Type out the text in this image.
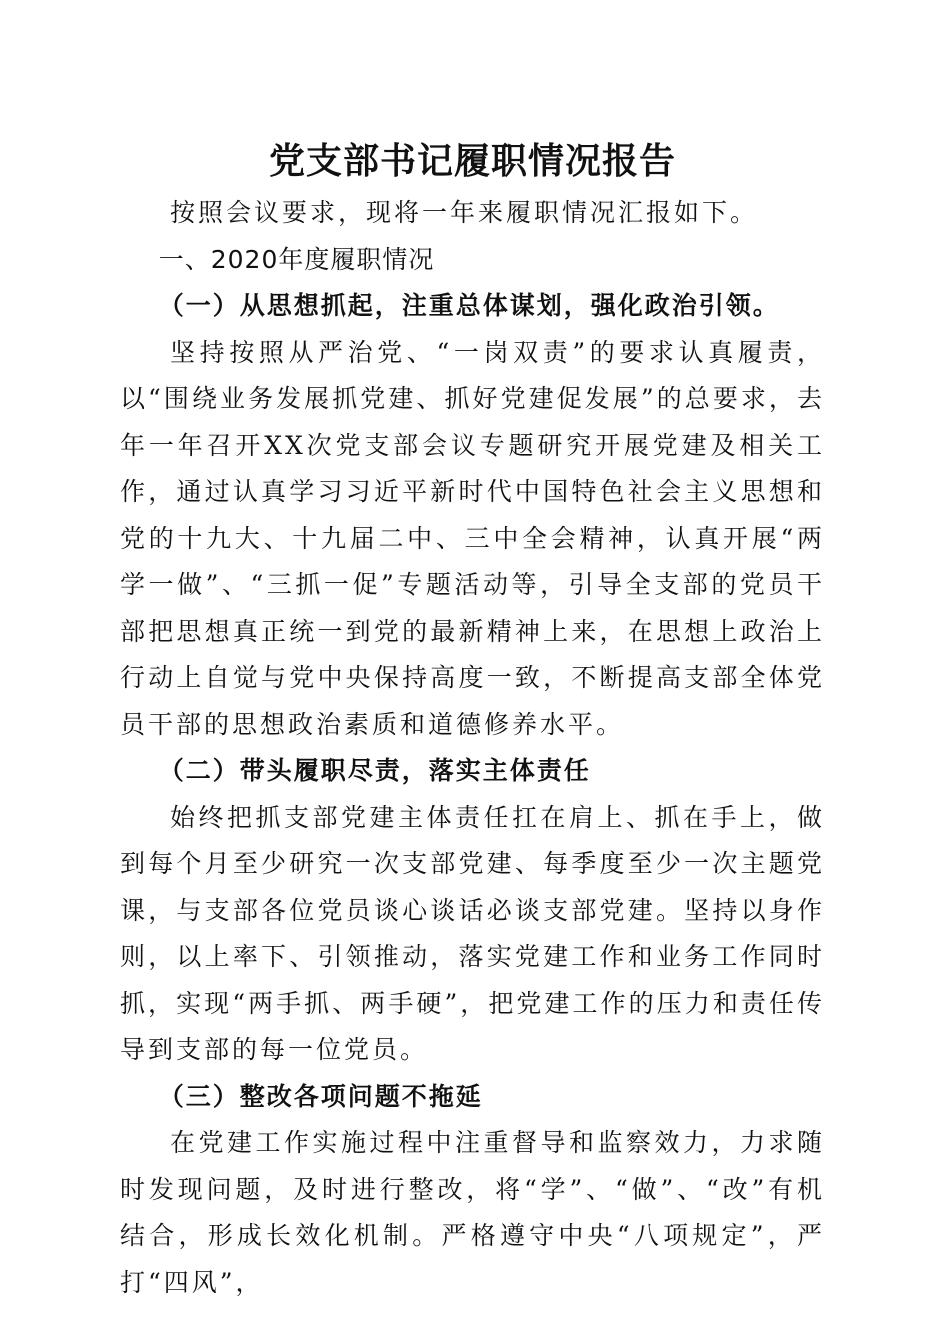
党支部书记履职情况报告

按照会议要求，现将一年来履职情况汇报如下。

一、2020年度履职情况

（一）从思想抓起，注重总体谋划，强化政治引领。

坚持按照从严治党、“一岗双责”的要求认真履责，以“围绕业务发展抓党建、抓好党建促发展”的总要求，去年一年召开XX次党支部会议专题研究开展党建及相关工作，通过认真学习习近平新时代中国特色社会主义思想和党的十九大、十九届二中、三中全会精神，认真开展“两学一做”、“三抓一促”专题活动等，引导全支部的党员干部把思想真正统一到党的最新精神上来，在思想上政治上行动上自觉与党中央保持高度一致，不断提高支部全体党员干部的思想政治素质和道德修养水平。

（二）带头履职尽责，落实主体责任

始终把抓支部党建主体责任扛在肩上、抓在手上，做到每个月至少研究一次支部党建、每季度至少一次主题党课，与支部各位党员谈心谈话必谈支部党建。坚持以身作则，以上率下、引领推动，落实党建工作和业务工作同时抓，实现“两手抓、两手硬”，把党建工作的压力和责任传导到支部的每一位党员。

（三）整改各项问题不拖延

在党建工作实施过程中注重督导和监察效力，力求随时发现问题，及时进行整改，将“学”、“做”、“改”有机结合，形成长效化机制。严格遵守中央“八项规定”，严打“四风”，
